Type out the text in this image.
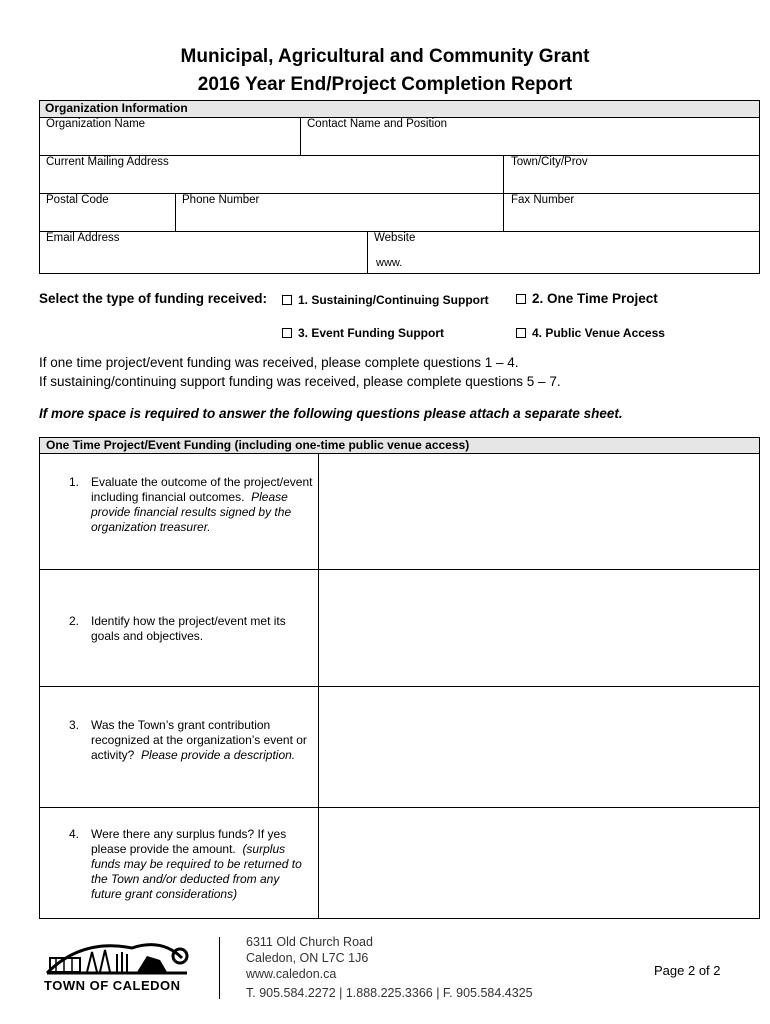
Municipal, Agricultural and Community Grant
2016 Year End/Project Completion Report
Organization Information
Organization Name	Contact Name and Position
Current Mailing Address	Town/City/Prov
Postal Code	Phone Number	Fax Number
Email Address	Website
www.
Select the type of funding received:	1. Sustaining/Continuing Support	2. One Time Project
3. Event Funding Support	4. Public Venue Access
If one time project/event funding was received, please complete questions 1 – 4.
If sustaining/continuing support funding was received, please complete questions 5 – 7.
If more space is required to answer the following questions please attach a separate sheet.
One Time Project/Event Funding (including one-time public venue access)
1. Evaluate the outcome of the project/event including financial outcomes. Please provide financial results signed by the organization treasurer.
2. Identify how the project/event met its goals and objectives.
3. Was the Town’s grant contribution recognized at the organization’s event or activity? Please provide a description.
4. Were there any surplus funds? If yes please provide the amount. (surplus funds may be required to be returned to the Town and/or deducted from any future grant considerations)
TOWN OF CALEDON
6311 Old Church Road
Caledon, ON L7C 1J6
www.caledon.ca
T. 905.584.2272 | 1.888.225.3366 | F. 905.584.4325
Page 2 of 2
